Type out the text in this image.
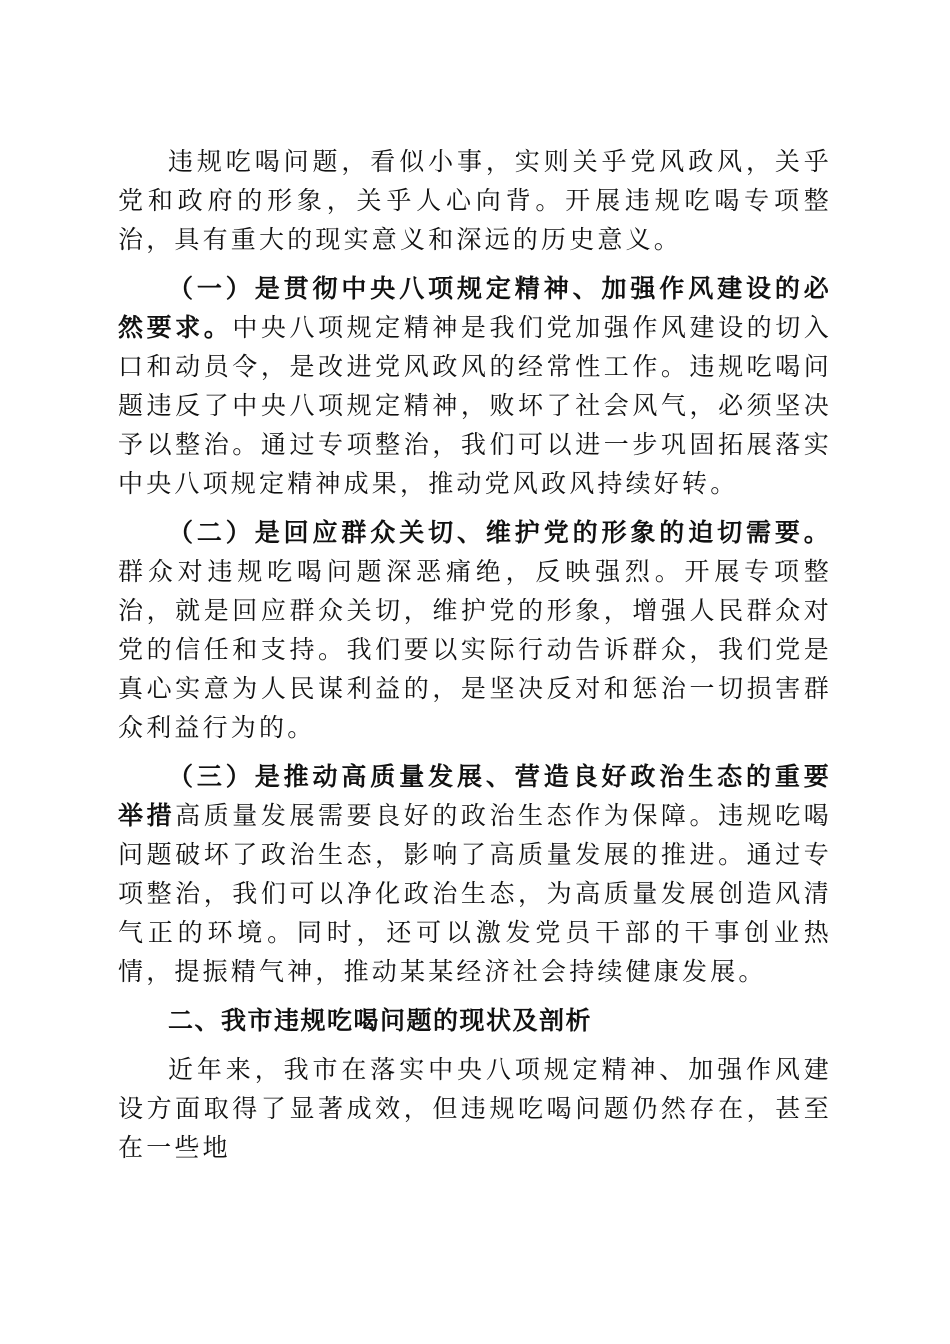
违规吃喝问题，看似小事，实则关乎党风政风，关乎党和政府的形象，关乎人心向背。开展违规吃喝专项整治，具有重大的现实意义和深远的历史意义。

（一）是贯彻中央八项规定精神、加强作风建设的必然要求。中央八项规定精神是我们党加强作风建设的切入口和动员令，是改进党风政风的经常性工作。违规吃喝问题违反了中央八项规定精神，败坏了社会风气，必须坚决予以整治。通过专项整治，我们可以进一步巩固拓展落实中央八项规定精神成果，推动党风政风持续好转。

（二）是回应群众关切、维护党的形象的迫切需要。群众对违规吃喝问题深恶痛绝，反映强烈。开展专项整治，就是回应群众关切，维护党的形象，增强人民群众对党的信任和支持。我们要以实际行动告诉群众，我们党是真心实意为人民谋利益的，是坚决反对和惩治一切损害群众利益行为的。

（三）是推动高质量发展、营造良好政治生态的重要举措高质量发展需要良好的政治生态作为保障。违规吃喝问题破坏了政治生态，影响了高质量发展的推进。通过专项整治，我们可以净化政治生态，为高质量发展创造风清气正的环境。同时，还可以激发党员干部的干事创业热情，提振精气神，推动某某经济社会持续健康发展。

二、我市违规吃喝问题的现状及剖析

近年来，我市在落实中央八项规定精神、加强作风建设方面取得了显著成效，但违规吃喝问题仍然存在，甚至在一些地
